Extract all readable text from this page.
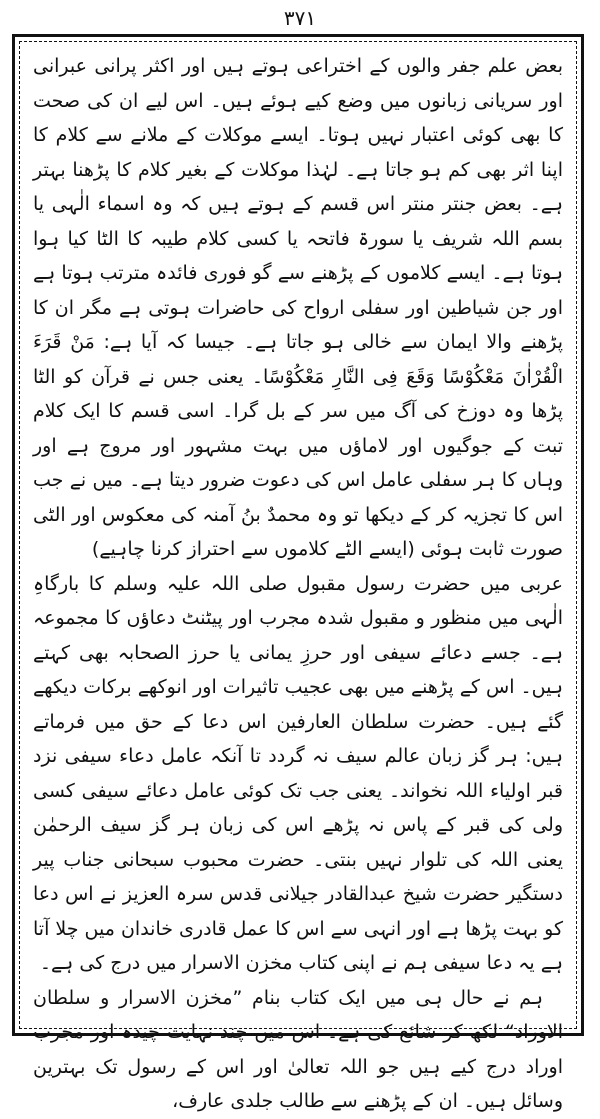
۳۷۱

بعض علم جفر والوں کے اختراعی ہوتے ہیں اور اکثر پرانی عبرانی اور سریانی زبانوں میں وضع کیے ہوئے ہیں۔ اس لیے ان کی صحت کا بھی کوئی اعتبار نہیں ہوتا۔ ایسے موکلات کے ملانے سے کلام کا اپنا اثر بھی کم ہو جاتا ہے۔ لہٰذا موکلات کے بغیر کلام کا پڑھنا بہتر ہے۔ بعض جنتر منتر اس قسم کے ہوتے ہیں کہ وہ اسماء الٰہی یا بسم اللہ شریف یا سورۃ فاتحہ یا کسی کلام طیبہ کا الٹا کیا ہوا ہوتا ہے۔ ایسے کلاموں کے پڑھنے سے گو فوری فائدہ مترتب ہوتا ہے اور جن شیاطین اور سفلی ارواح کی حاضرات ہوتی ہے مگر ان کا پڑھنے والا ایمان سے خالی ہو جاتا ہے۔ جیسا کہ آیا ہے: مَنْ قَرَءَ الْقُرْاٰنَ مَعْکُوْسًا وَقَعَ فِی النَّارِ مَعْکُوْسًا۔ یعنی جس نے قرآن کو الٹا پڑھا وہ دوزخ کی آگ میں سر کے بل گرا۔ اسی قسم کا ایک کلام تبت کے جوگیوں اور لاماؤں میں بہت مشہور اور مروج ہے اور وہاں کا ہر سفلی عامل اس کی دعوت ضرور دیتا ہے۔ میں نے جب اس کا تجزیہ کر کے دیکھا تو وہ محمدٌ بنُ آمنہ کی معکوس اور الٹی صورت ثابت ہوئی (ایسے الٹے کلاموں سے احتراز کرنا چاہیے)

عربی میں حضرت رسول مقبول صلی اللہ علیہ وسلم کا بارگاہِ الٰہی میں منظور و مقبول شدہ مجرب اور پیٹنٹ دعاؤں کا مجموعہ ہے۔ جسے دعائے سیفی اور حرزِ یمانی یا حرز الصحابہ بھی کہتے ہیں۔ اس کے پڑھنے میں بھی عجیب تاثیرات اور انوکھے برکات دیکھے گئے ہیں۔ حضرت سلطان العارفین اس دعا کے حق میں فرماتے ہیں: ہر گز زبان عالم سیف نہ گردد تا آنکہ عامل دعاء سیفی نزد قبر اولیاء اللہ نخواند۔ یعنی جب تک کوئی عامل دعائے سیفی کسی ولی کی قبر کے پاس نہ پڑھے اس کی زبان ہر گز سیف الرحمٰن یعنی اللہ کی تلوار نہیں بنتی۔ حضرت محبوب سبحانی جناب پیر دستگیر حضرت شیخ عبدالقادر جیلانی قدس سرہ العزیز نے اس دعا کو بہت پڑھا ہے اور انہی سے اس کا عمل قادری خاندان میں چلا آتا ہے یہ دعا سیفی ہم نے اپنی کتاب مخزن الاسرار میں درج کی ہے۔

ہم نے حال ہی میں ایک کتاب بنام ”مخزن الاسرار و سلطان الاوراد“ لکھ کر شائع کی ہے۔ اس میں چند نہایت چیدہ اور مجرب اوراد درج کیے ہیں جو اللہ تعالیٰ اور اس کے رسول تک بہترین وسائل ہیں۔ ان کے پڑھنے سے طالب جلدی عارف،
